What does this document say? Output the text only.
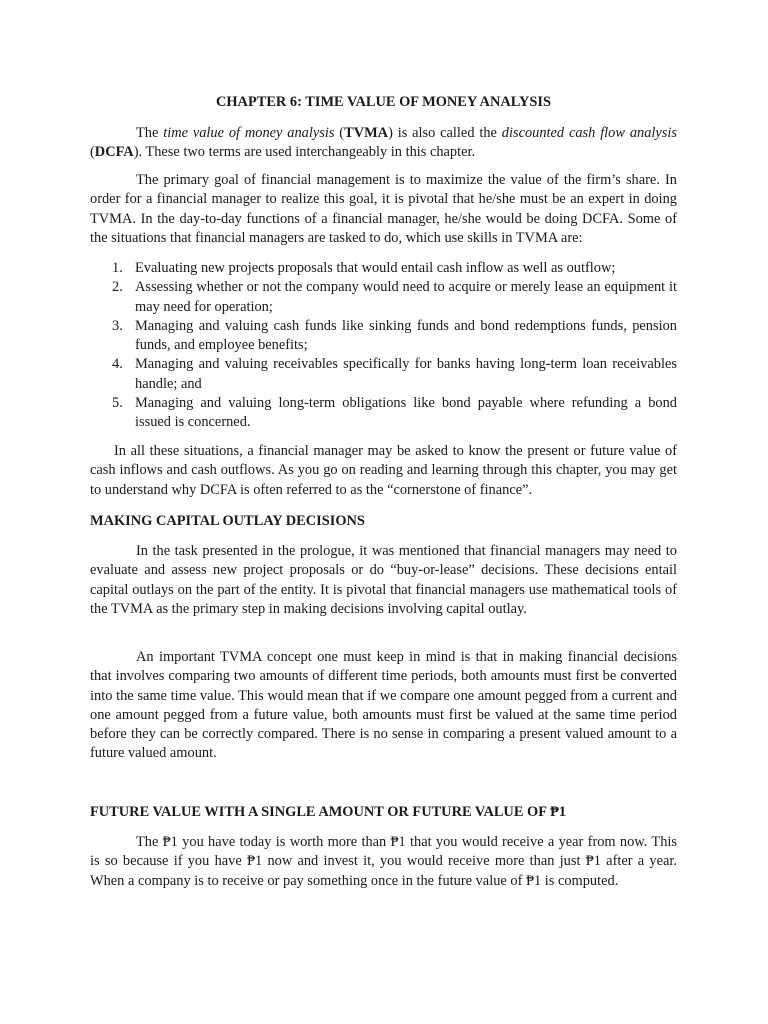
CHAPTER 6: TIME VALUE OF MONEY ANALYSIS

The time value of money analysis (TVMA) is also called the discounted cash flow analysis (DCFA). These two terms are used interchangeably in this chapter.

The primary goal of financial management is to maximize the value of the firm’s share. In order for a financial manager to realize this goal, it is pivotal that he/she must be an expert in doing TVMA. In the day-to-day functions of a financial manager, he/she would be doing DCFA. Some of the situations that financial managers are tasked to do, which use skills in TVMA are:

1. Evaluating new projects proposals that would entail cash inflow as well as outflow;
2. Assessing whether or not the company would need to acquire or merely lease an equipment it may need for operation;
3. Managing and valuing cash funds like sinking funds and bond redemptions funds, pension funds, and employee benefits;
4. Managing and valuing receivables specifically for banks having long-term loan receivables handle; and
5. Managing and valuing long-term obligations like bond payable where refunding a bond issued is concerned.

In all these situations, a financial manager may be asked to know the present or future value of cash inflows and cash outflows. As you go on reading and learning through this chapter, you may get to understand why DCFA is often referred to as the “cornerstone of finance”.

MAKING CAPITAL OUTLAY DECISIONS

In the task presented in the prologue, it was mentioned that financial managers may need to evaluate and assess new project proposals or do “buy-or-lease” decisions. These decisions entail capital outlays on the part of the entity. It is pivotal that financial managers use mathematical tools of the TVMA as the primary step in making decisions involving capital outlay.

An important TVMA concept one must keep in mind is that in making financial decisions that involves comparing two amounts of different time periods, both amounts must first be converted into the same time value. This would mean that if we compare one amount pegged from a current and one amount pegged from a future value, both amounts must first be valued at the same time period before they can be correctly compared. There is no sense in comparing a present valued amount to a future valued amount.

FUTURE VALUE WITH A SINGLE AMOUNT OR FUTURE VALUE OF ₱1

The ₱1 you have today is worth more than ₱1 that you would receive a year from now. This is so because if you have ₱1 now and invest it, you would receive more than just ₱1 after a year. When a company is to receive or pay something once in the future value of ₱1 is computed.
